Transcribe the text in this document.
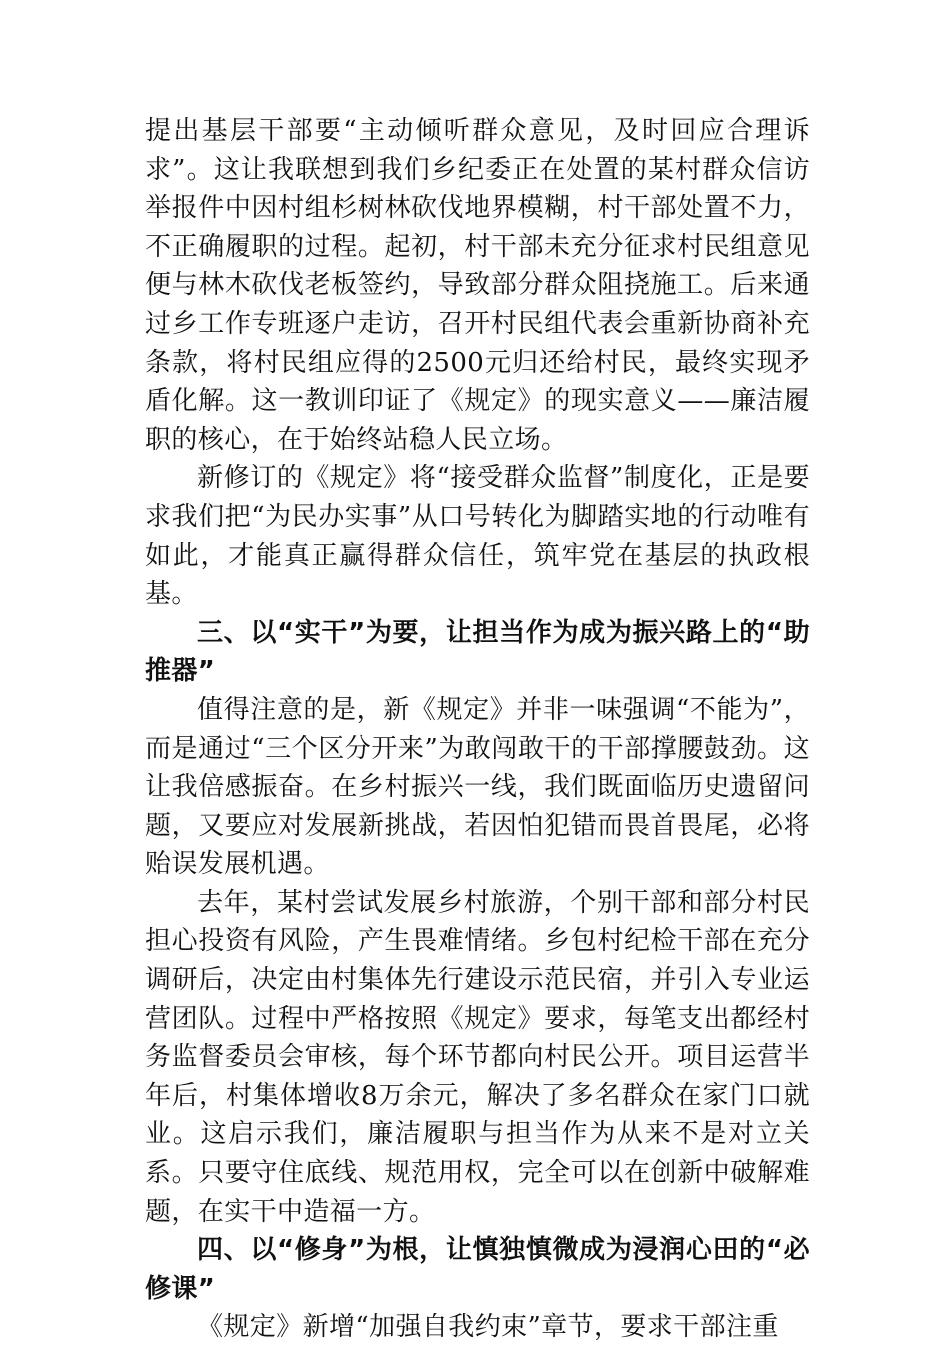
提出基层干部要“主动倾听群众意见，及时回应合理诉求”。这让我联想到我们乡纪委正在处置的某村群众信访举报件中因村组杉树林砍伐地界模糊，村干部处置不力，不正确履职的过程。起初，村干部未充分征求村民组意见便与林木砍伐老板签约，导致部分群众阻挠施工。后来通过乡工作专班逐户走访，召开村民组代表会重新协商补充条款，将村民组应得的2500元归还给村民，最终实现矛盾化解。这一教训印证了《规定》的现实意义——廉洁履职的核心，在于始终站稳人民立场。

新修订的《规定》将“接受群众监督”制度化，正是要求我们把“为民办实事”从口号转化为脚踏实地的行动唯有如此，才能真正赢得群众信任，筑牢党在基层的执政根基。

三、以“实干”为要，让担当作为成为振兴路上的“助推器”

值得注意的是，新《规定》并非一味强调“不能为”，而是通过“三个区分开来”为敢闯敢干的干部撑腰鼓劲。这让我倍感振奋。在乡村振兴一线，我们既面临历史遗留问题，又要应对发展新挑战，若因怕犯错而畏首畏尾，必将贻误发展机遇。

去年，某村尝试发展乡村旅游，个别干部和部分村民担心投资有风险，产生畏难情绪。乡包村纪检干部在充分调研后，决定由村集体先行建设示范民宿，并引入专业运营团队。过程中严格按照《规定》要求，每笔支出都经村务监督委员会审核，每个环节都向村民公开。项目运营半年后，村集体增收8万余元，解决了多名群众在家门口就业。这启示我们，廉洁履职与担当作为从来不是对立关系。只要守住底线、规范用权，完全可以在创新中破解难题，在实干中造福一方。

四、以“修身”为根，让慎独慎微成为浸润心田的“必修课”

《规定》新增“加强自我约束”章节，要求干部注重
